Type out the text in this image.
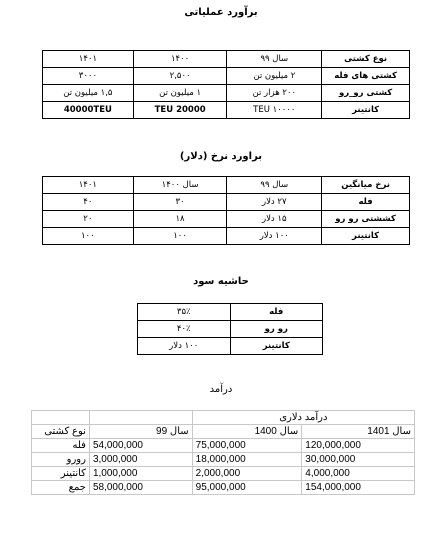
برآورد عملیاتی
نوع کشتی	سال ۹۹	۱۴۰۰	۱۴۰۱
کشتی های فله	۲ میلیون تن	۲,۵۰۰	۳۰۰۰
کشتی رو_رو	۲۰۰ هزار تن	۱ میلیون تن	۱,۵ میلیون تن
کانتینر	TEU ۱۰۰۰۰	20000 TEU	40000TEU
براورد نرخ (دلار)
نرخ میانگین	سال ۹۹	سال ۱۴۰۰	۱۴۰۱
فله	۲۷ دلار	۳۰	۴۰
کششتی رو رو	۱۵ دلار	۱۸	۲۰
کانتینر	۱۰۰ دلار	۱۰۰	۱۰۰
حاشیه سود
فله	۳۵٪
رو رو	۴۰٪
کانتینر	۱۰۰ دلار
درآمد
		درآمد دلاری	
نوع کشتی	سال 99	سال 1400	سال 1401
فله	54,000,000	75,000,000	120,000,000
رورو	3,000,000	18,000,000	30,000,000
کانتینر	1,000,000	2,000,000	4,000,000
جمع	58,000,000	95,000,000	154,000,000
